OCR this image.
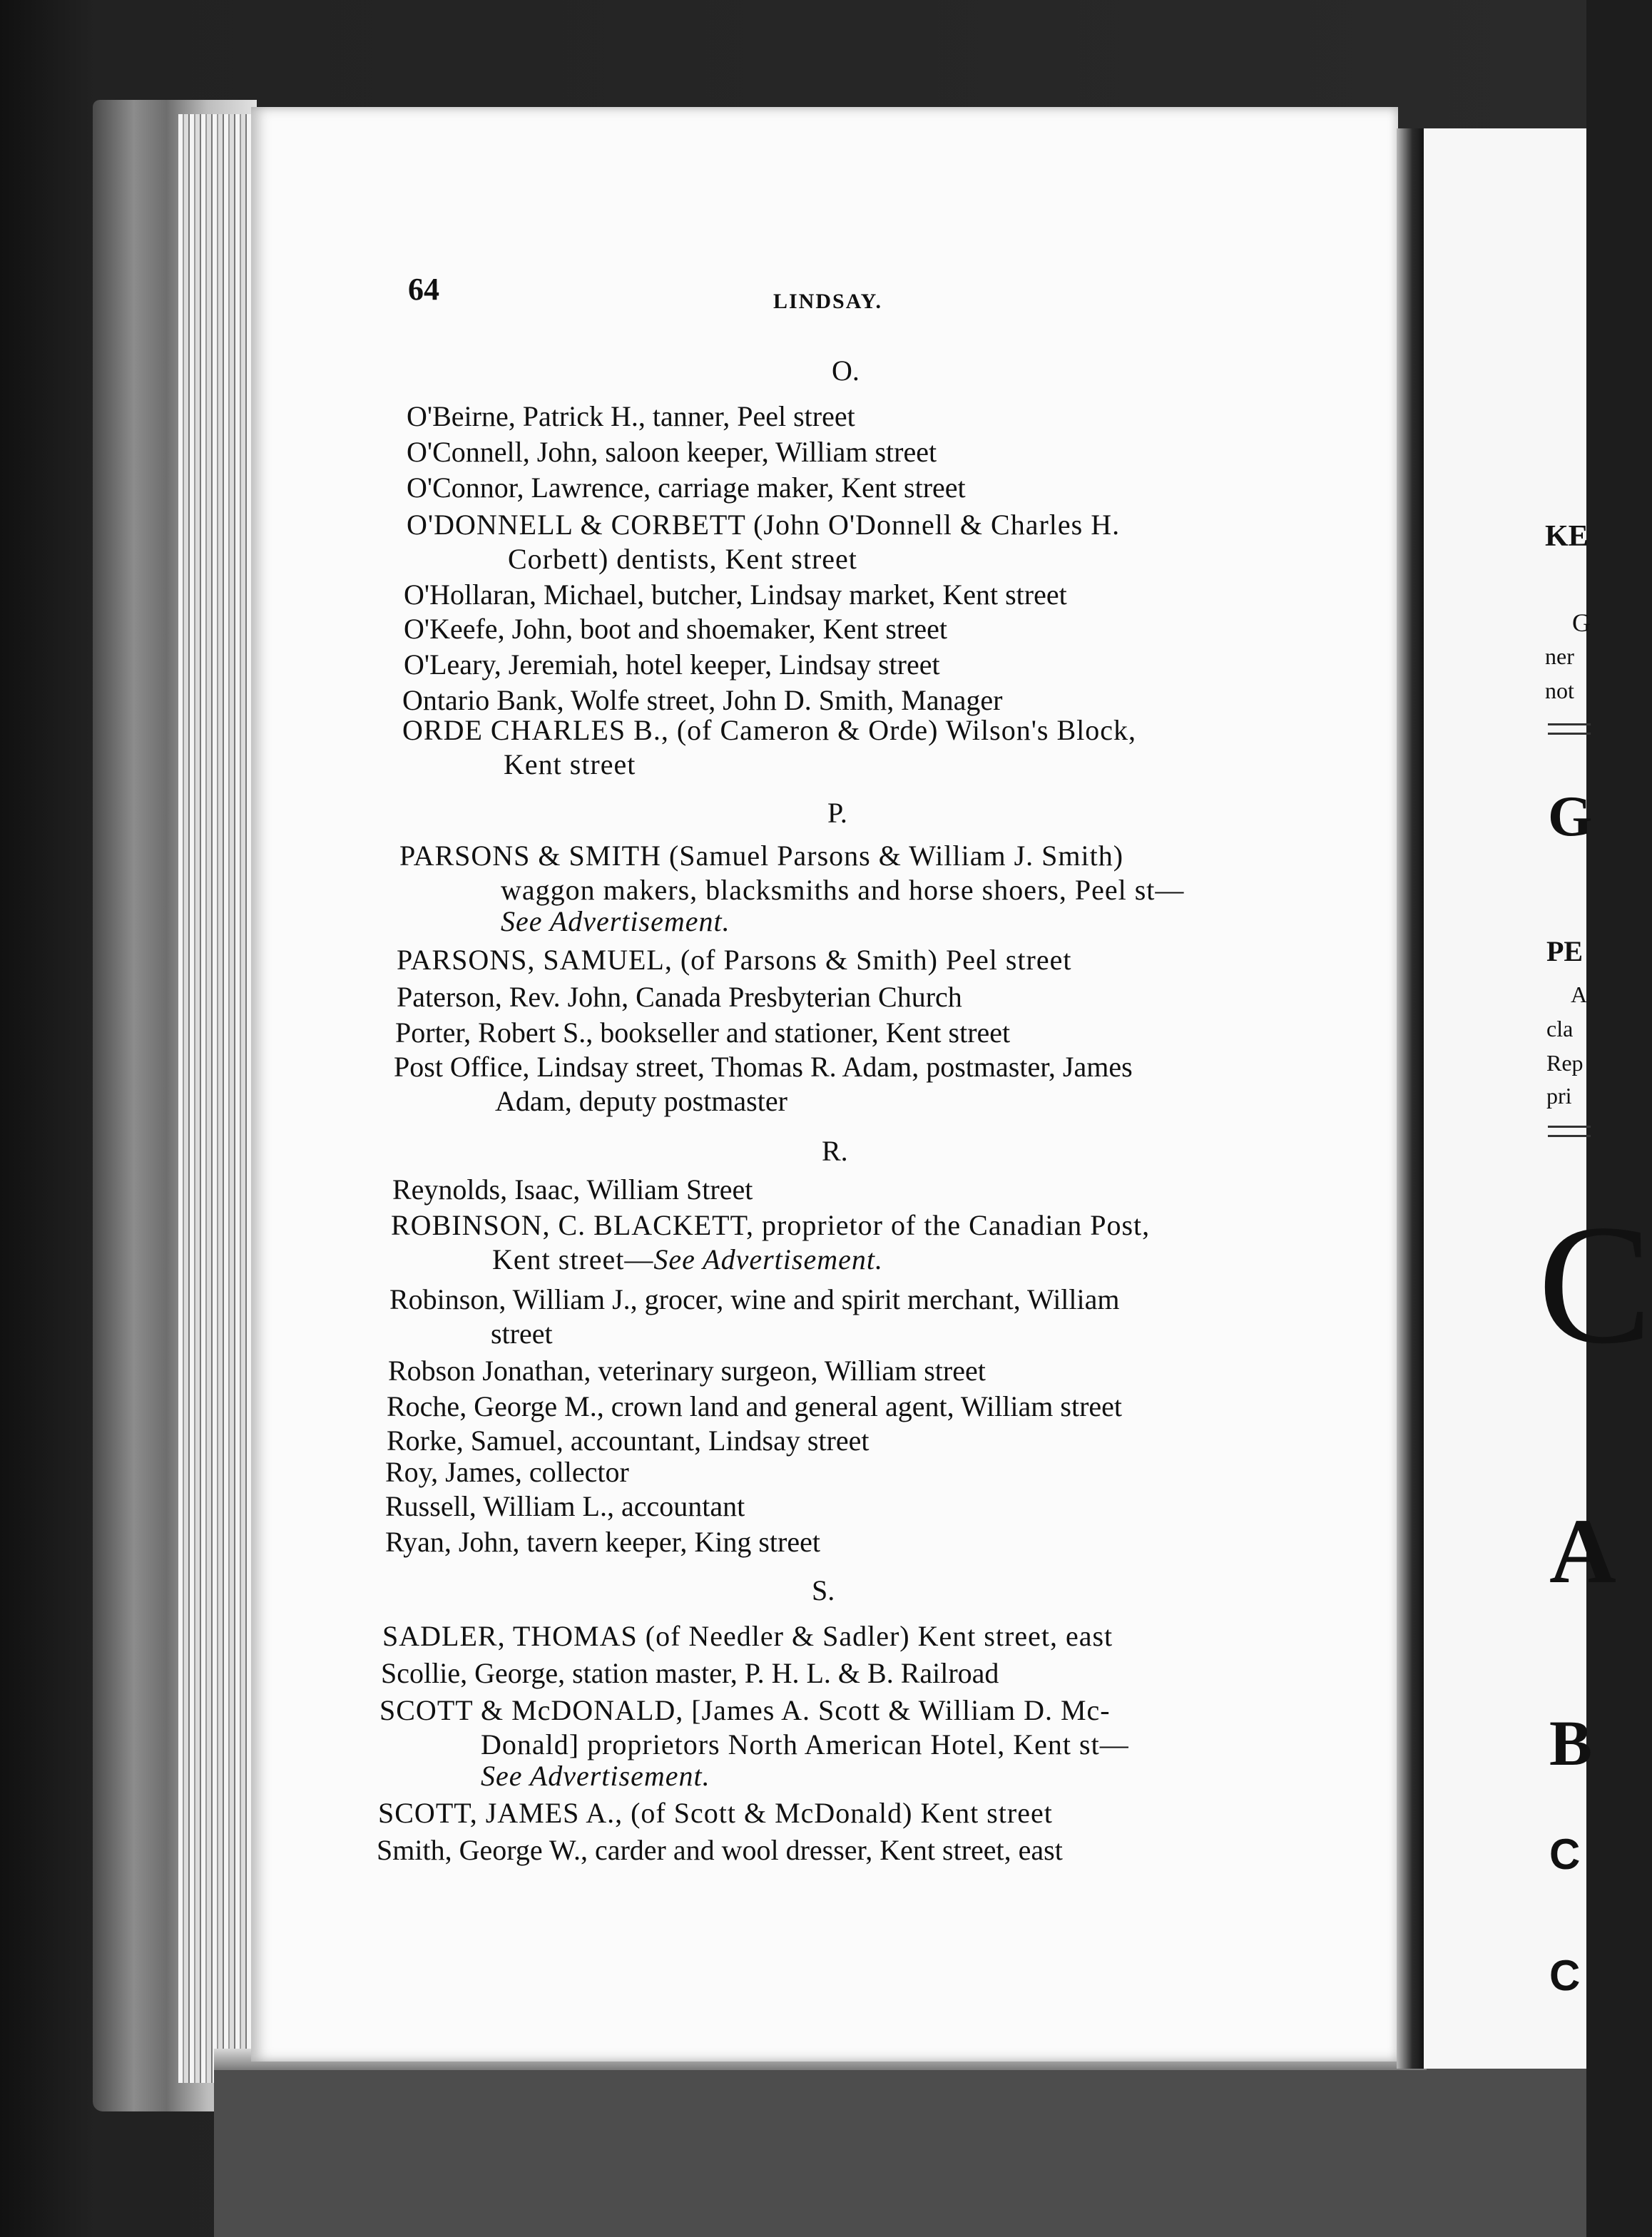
KE
G
ner
not
G
PE
A
cla
Rep
pri
C
A
B
C
C
64	LINDSAY.
O.
O'Beirne, Patrick H., tanner, Peel street
O'Connell, John, saloon keeper, William street
O'Connor, Lawrence, carriage maker, Kent street
O'DONNELL & CORBETT (John O'Donnell & Charles H.
Corbett) dentists, Kent street
O'Hollaran, Michael, butcher, Lindsay market, Kent street
O'Keefe, John, boot and shoemaker, Kent street
O'Leary, Jeremiah, hotel keeper, Lindsay street
Ontario Bank, Wolfe street, John D. Smith, Manager
ORDE CHARLES B., (of Cameron & Orde) Wilson's Block,
Kent street
P.
PARSONS & SMITH (Samuel Parsons & William J. Smith)
waggon makers, blacksmiths and horse shoers, Peel st—
See Advertisement.
PARSONS, SAMUEL, (of Parsons & Smith) Peel street
Paterson, Rev. John, Canada Presbyterian Church
Porter, Robert S., bookseller and stationer, Kent street
Post Office, Lindsay street, Thomas R. Adam, postmaster, James
Adam, deputy postmaster
R.
Reynolds, Isaac, William Street
ROBINSON, C. BLACKETT, proprietor of the Canadian Post,
Kent street—See Advertisement.
Robinson, William J., grocer, wine and spirit merchant, William
street
Robson Jonathan, veterinary surgeon, William street
Roche, George M., crown land and general agent, William street
Rorke, Samuel, accountant, Lindsay street
Roy, James, collector
Russell, William L., accountant
Ryan, John, tavern keeper, King street
S.
SADLER, THOMAS (of Needler & Sadler) Kent street, east
Scollie, George, station master, P. H. L. & B. Railroad
SCOTT & McDONALD, [James A. Scott & William D. Mc-
Donald] proprietors North American Hotel, Kent st—
See Advertisement.
SCOTT, JAMES A., (of Scott & McDonald) Kent street
Smith, George W., carder and wool dresser, Kent street, east
